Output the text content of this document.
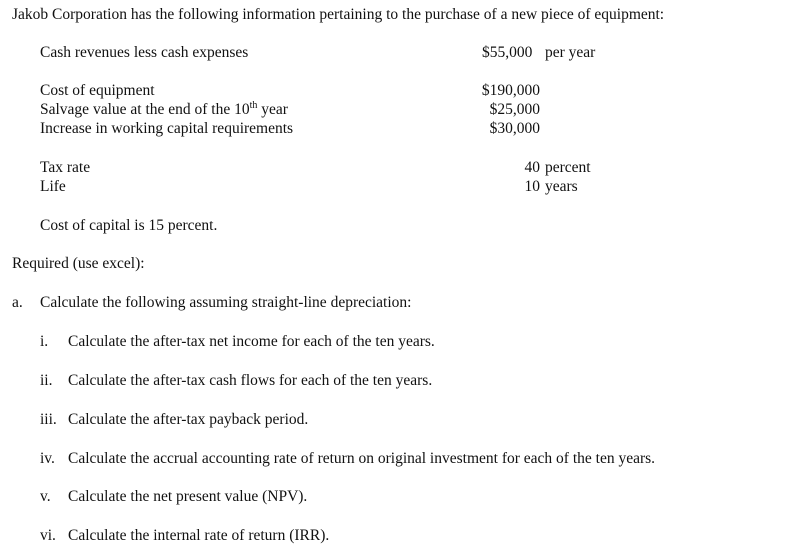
Jakob Corporation has the following information pertaining to the purchase of a new piece of equipment:
Cash revenues less cash expenses	$55,000 per year
Cost of equipment	$190,000
Salvage value at the end of the 10th year	$25,000
Increase in working capital requirements	$30,000
Tax rate	40 percent
Life	10 years
Cost of capital is 15 percent.
Required (use excel):
a. Calculate the following assuming straight-line depreciation:
i. Calculate the after-tax net income for each of the ten years.
ii. Calculate the after-tax cash flows for each of the ten years.
iii. Calculate the after-tax payback period.
iv. Calculate the accrual accounting rate of return on original investment for each of the ten years.
v. Calculate the net present value (NPV).
vi. Calculate the internal rate of return (IRR).
